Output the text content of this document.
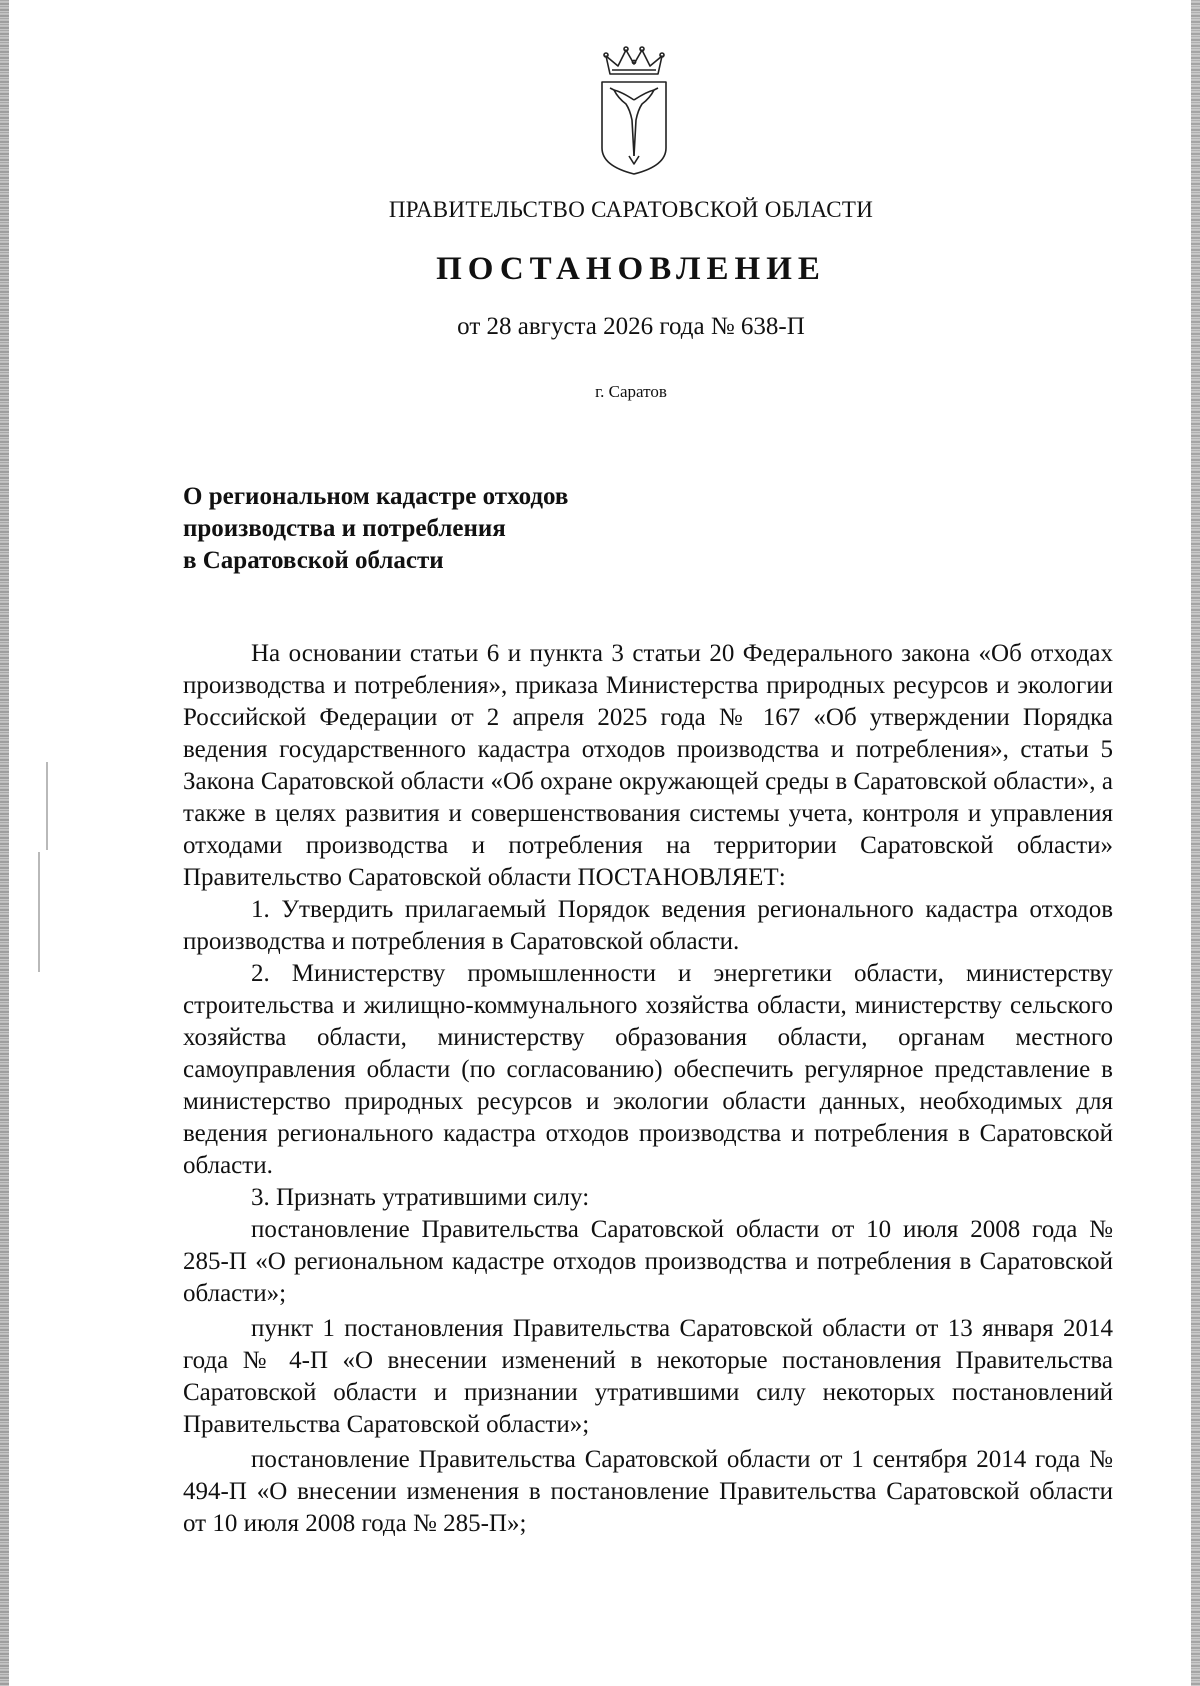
ПРАВИТЕЛЬСТВО САРАТОВСКОЙ ОБЛАСТИ
ПОСТАНОВЛЕНИЕ
от 28 августа 2026 года № 638-П
г. Саратов
О региональном кадастре отходов
производства и потребления
в Саратовской области

На основании статьи 6 и пункта 3 статьи 20 Федерального закона «Об отходах производства и потребления», приказа Министерства природных ресурсов и экологии Российской Федерации от 2 апреля 2025 года № 167 «Об утверждении Порядка ведения государственного кадастра отходов производства и потребления», статьи 5 Закона Саратовской области «Об охране окружающей среды в Саратовской области», а также в целях развития и совершенствования системы учета, контроля и управления отходами производства и потребления на территории Саратовской области» Правительство Саратовской области ПОСТАНОВЛЯЕТ:

1. Утвердить прилагаемый Порядок ведения регионального кадастра отходов производства и потребления в Саратовской области.

2. Министерству промышленности и энергетики области, министерству строительства и жилищно-коммунального хозяйства области, министерству сельского хозяйства области, министерству образования области, органам местного самоуправления области (по согласованию) обеспечить регулярное представление в министерство природных ресурсов и экологии области данных, необходимых для ведения регионального кадастра отходов производства и потребления в Саратовской области.

3. Признать утратившими силу:

постановление Правительства Саратовской области от 10 июля 2008 года № 285-П «О региональном кадастре отходов производства и потребления в Саратовской области»;

пункт 1 постановления Правительства Саратовской области от 13 января 2014 года № 4-П «О внесении изменений в некоторые постановления Правительства Саратовской области и признании утратившими силу некоторых постановлений Правительства Саратовской области»;

постановление Правительства Саратовской области от 1 сентября 2014 года № 494-П «О внесении изменения в постановление Правительства Саратовской области от 10 июля 2008 года № 285-П»;
